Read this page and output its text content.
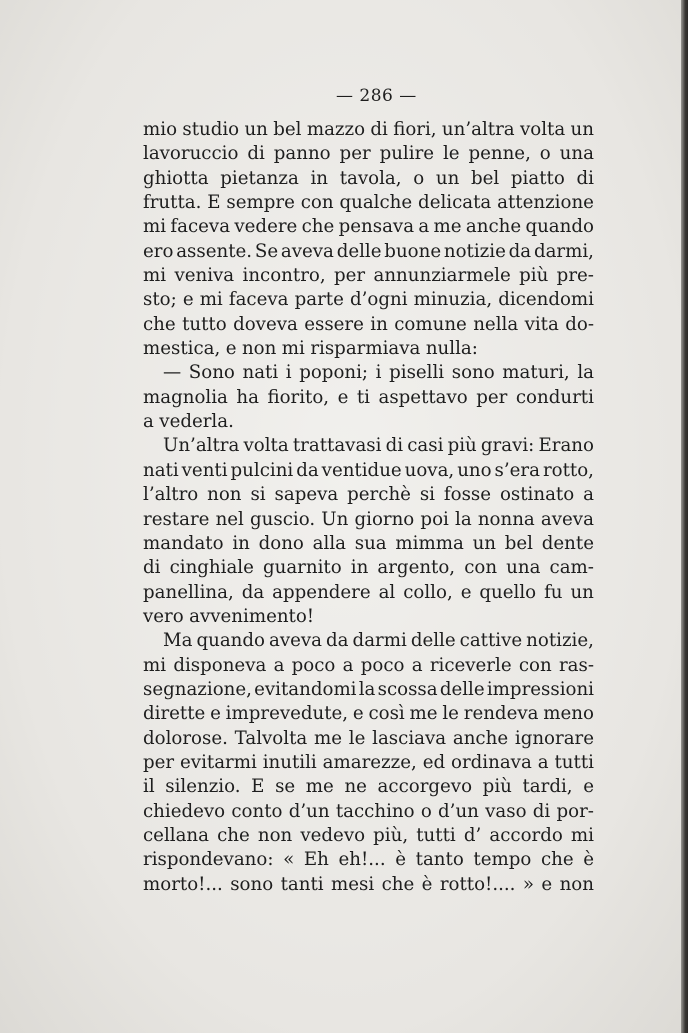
— 286 —
mio studio un bel mazzo di fiori, un’altra volta un
lavoruccio di panno per pulire le penne, o una
ghiotta pietanza in tavola, o un bel piatto di
frutta. E sempre con qualche delicata attenzione
mi faceva vedere che pensava a me anche quando
ero assente. Se aveva delle buone notizie da darmi,
mi veniva incontro, per annunziarmele più pre-
sto; e mi faceva parte d’ogni minuzia, dicendomi
che tutto doveva essere in comune nella vita do-
mestica, e non mi risparmiava nulla:
— Sono nati i poponi; i piselli sono maturi, la
magnolia ha fiorito, e ti aspettavo per condurti
a vederla.
Un’altra volta trattavasi di casi più gravi: Erano
nati venti pulcini da ventidue uova, uno s’era rotto,
l’altro non si sapeva perchè si fosse ostinato a
restare nel guscio. Un giorno poi la nonna aveva
mandato in dono alla sua mimma un bel dente
di cinghiale guarnito in argento, con una cam-
panellina, da appendere al collo, e quello fu un
vero avvenimento!
Ma quando aveva da darmi delle cattive notizie,
mi disponeva a poco a poco a riceverle con ras-
segnazione, evitandomi la scossa delle impressioni
dirette e imprevedute, e così me le rendeva meno
dolorose. Talvolta me le lasciava anche ignorare
per evitarmi inutili amarezze, ed ordinava a tutti
il silenzio. E se me ne accorgevo più tardi, e
chiedevo conto d’un tacchino o d’un vaso di por-
cellana che non vedevo più, tutti d’ accordo mi
rispondevano: « Eh eh!... è tanto tempo che è
morto!... sono tanti mesi che è rotto!.... » e non
